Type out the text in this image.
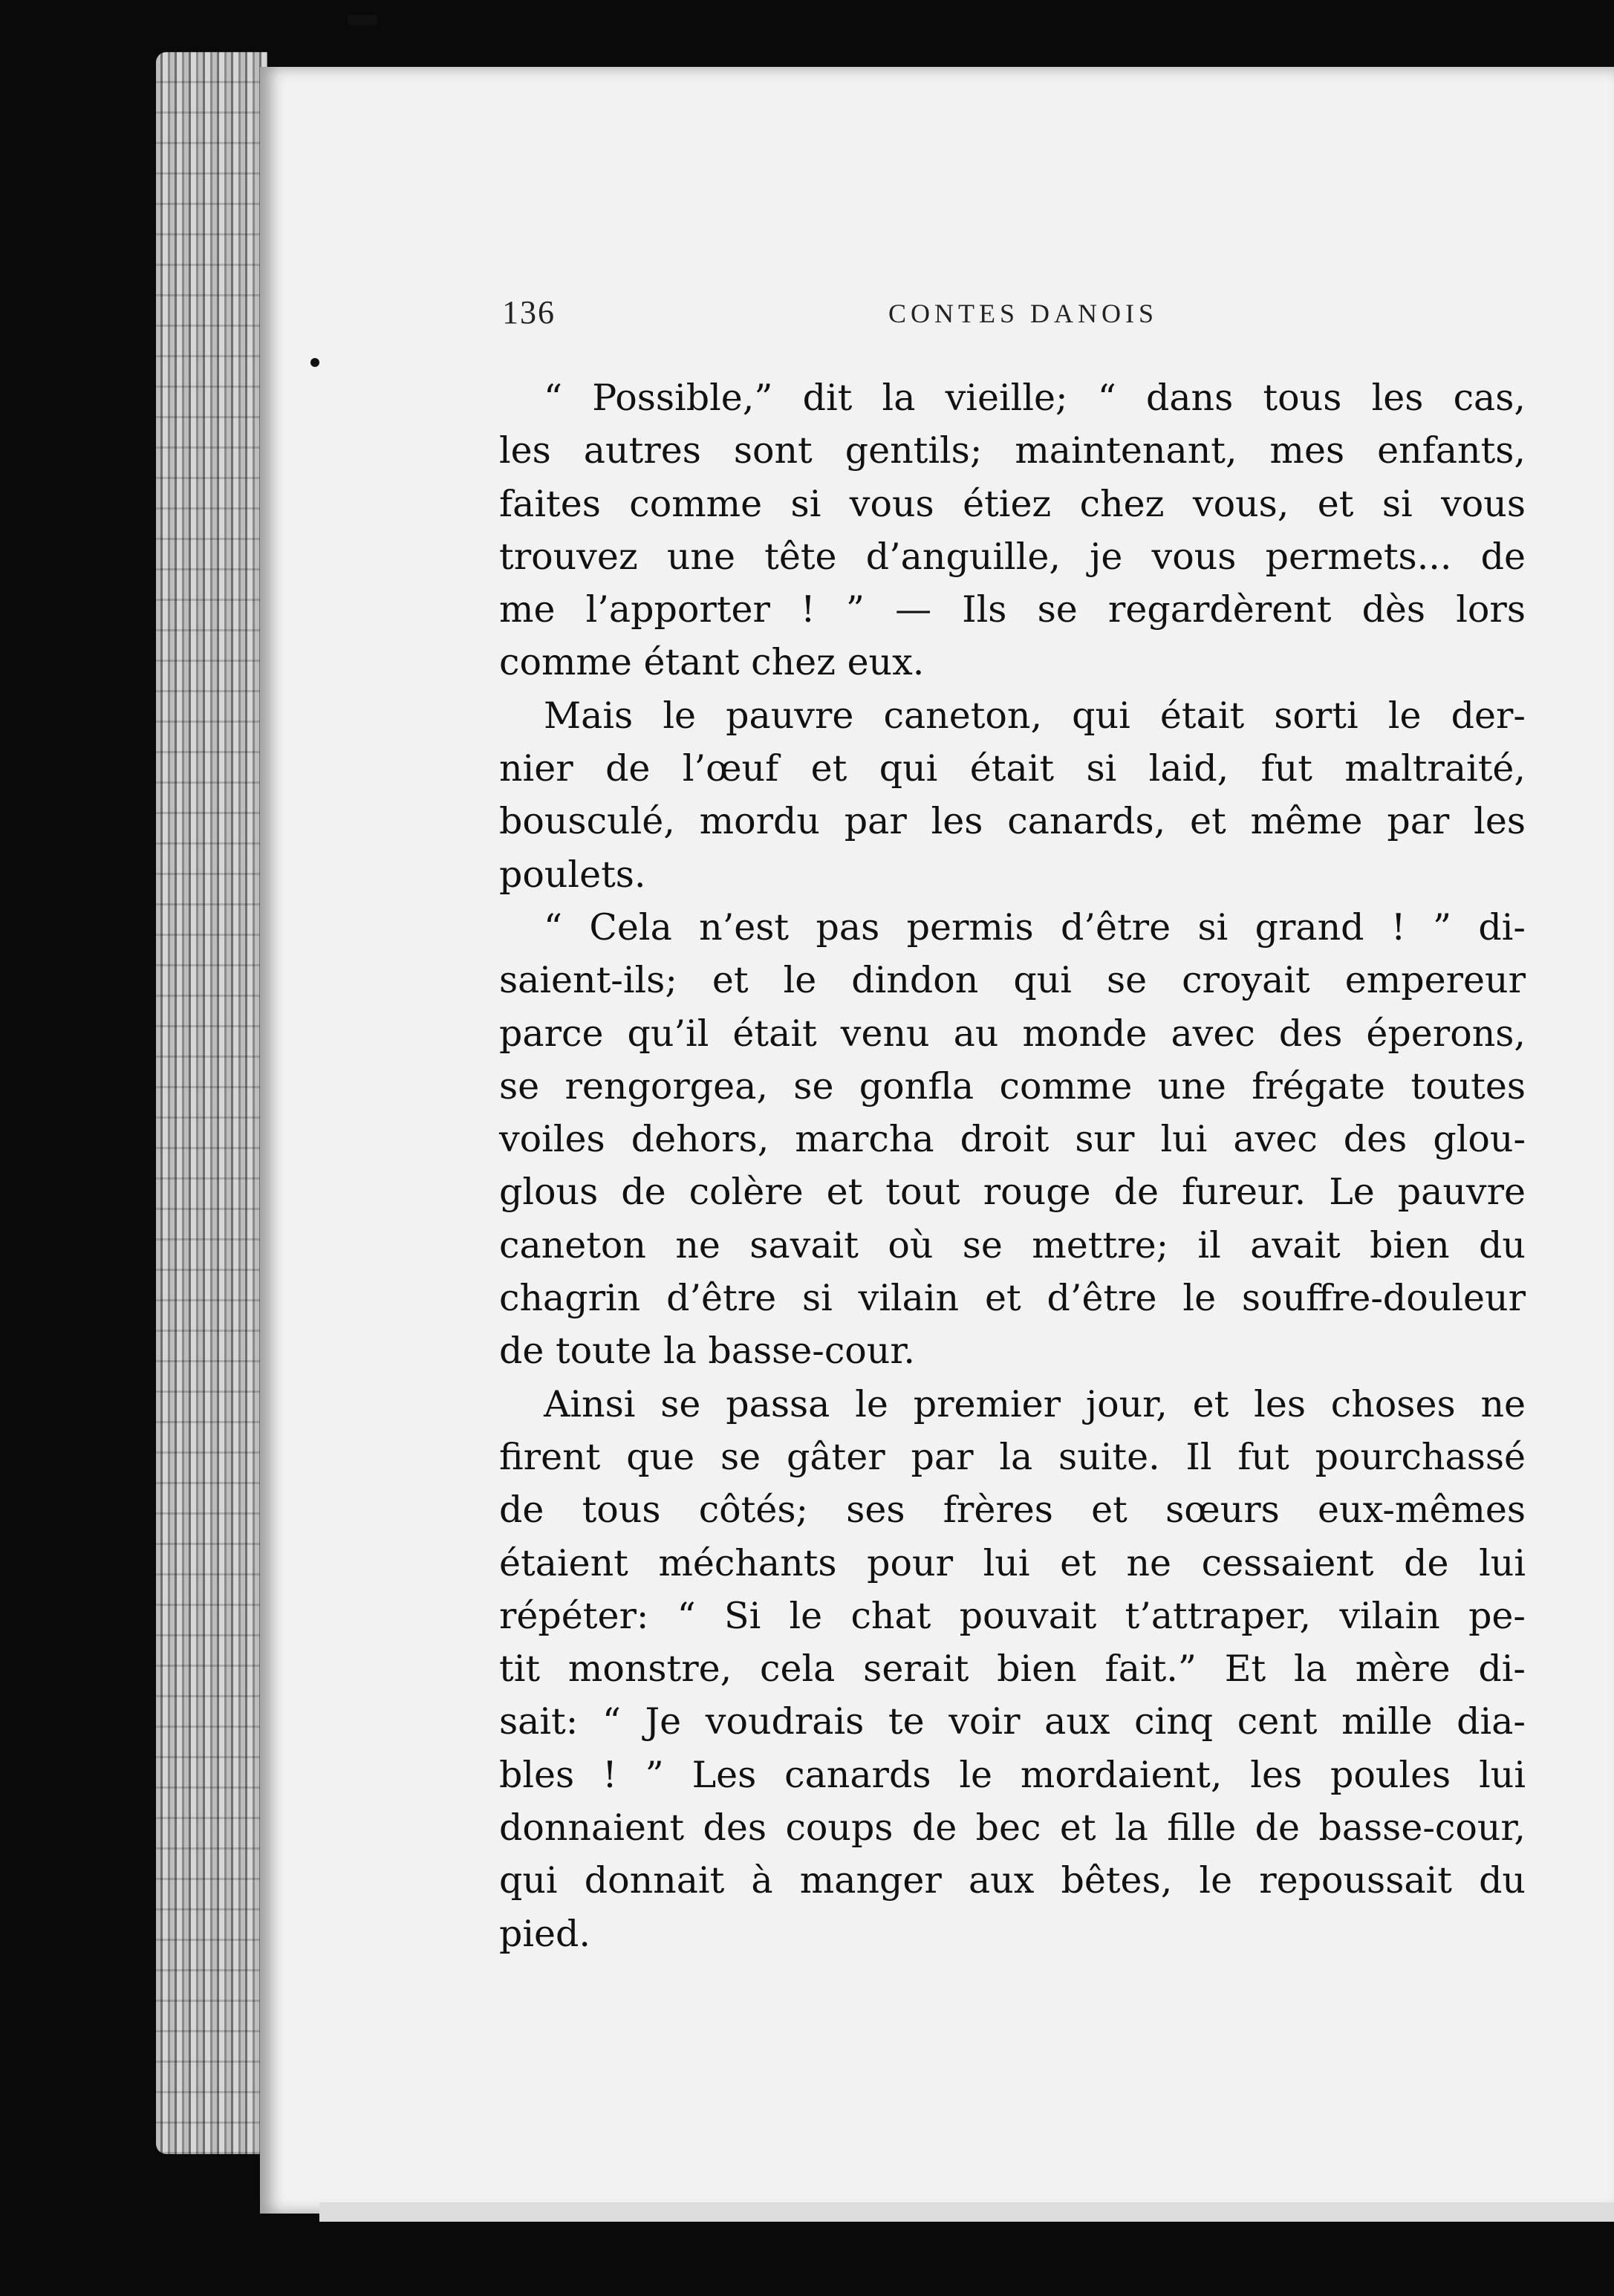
136	CONTES DANOIS
“ Possible,” dit la vieille; “ dans tous les cas,
les autres sont gentils; maintenant, mes enfants,
faites comme si vous étiez chez vous, et si vous
trouvez une tête d’anguille, je vous permets... de
me l’apporter ! ” — Ils se regardèrent dès lors
comme étant chez eux.
Mais le pauvre caneton, qui était sorti le der-
nier de l’œuf et qui était si laid, fut maltraité,
bousculé, mordu par les canards, et même par les
poulets.
“ Cela n’est pas permis d’être si grand ! ” di-
saient-ils; et le dindon qui se croyait empereur
parce qu’il était venu au monde avec des éperons,
se rengorgea, se gonfla comme une frégate toutes
voiles dehors, marcha droit sur lui avec des glou-
glous de colère et tout rouge de fureur. Le pauvre
caneton ne savait où se mettre; il avait bien du
chagrin d’être si vilain et d’être le souffre-douleur
de toute la basse-cour.
Ainsi se passa le premier jour, et les choses ne
firent que se gâter par la suite. Il fut pourchassé
de tous côtés; ses frères et sœurs eux-mêmes
étaient méchants pour lui et ne cessaient de lui
répéter: “ Si le chat pouvait t’attraper, vilain pe-
tit monstre, cela serait bien fait.” Et la mère di-
sait: “ Je voudrais te voir aux cinq cent mille dia-
bles ! ” Les canards le mordaient, les poules lui
donnaient des coups de bec et la fille de basse-cour,
qui donnait à manger aux bêtes, le repoussait du
pied.
